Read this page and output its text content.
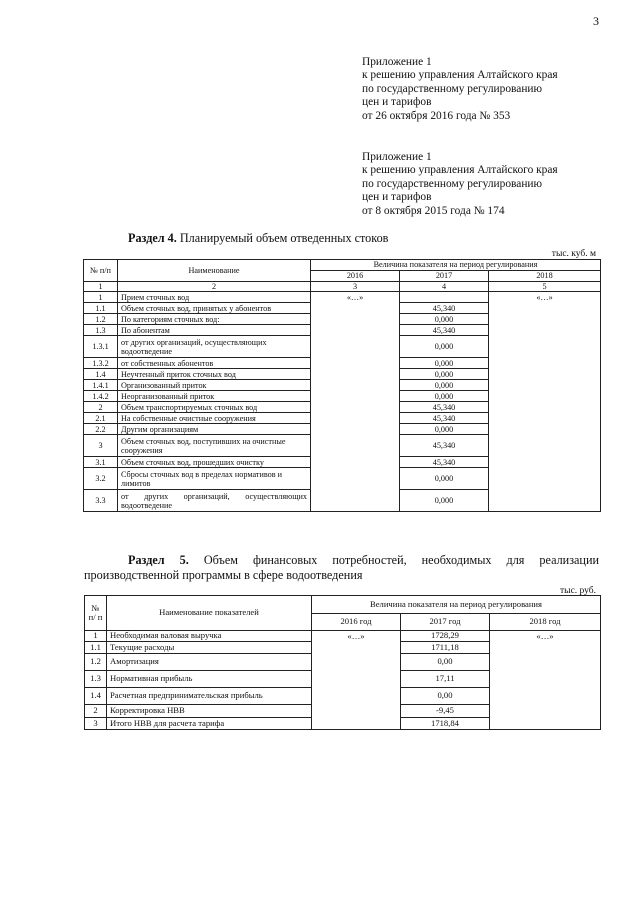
3
Приложение 1
к решению управления Алтайского края
по государственному регулированию
цен и тарифов
от 26 октября 2016 года № 353
Приложение 1
к решению управления Алтайского края
по государственному регулированию
цен и тарифов
от 8 октября 2015 года № 174
Раздел 4. Планируемый объем отведенных стоков
тыс. куб. м
№ п/п	Наименование	Величина показателя на период регулирования		
		2016	2017	2018
1	2	3	4	5
1	Прием сточных вод	«…»		«…»
1.1	Объем сточных вод, принятых у абонентов		45,340	
1.2	По категориям сточных вод:		0,000	
1.3	По абонентам		45,340	
1.3.1	от других организаций, осуществляющих водоотведение		0,000	
1.3.2	от собственных абонентов		0,000	
1.4	Неучтенный приток сточных вод		0,000	
1.4.1	Организованный приток		0,000	
1.4.2	Неорганизованный приток		0,000	
2	Объем транспортируемых сточных вод		45,340	
2.1	На собственные очистные сооружения		45,340	
2.2	Другим организациям		0,000	
3	Объем сточных вод, поступивших на очистные сооружения		45,340	
3.1	Объем сточных вод, прошедших очистку		45,340	
3.2	Сбросы сточных вод в пределах нормативов и лимитов		0,000	
3.3	от других организаций, осуществляющих водоотведение		0,000	
Раздел 5. Объем финансовых потребностей, необходимых для реализации производственной программы в сфере водоотведения
тыс. руб.
№ п/ п	Наименование показателей	Величина показателя на период регулирования		
		2016 год	2017 год	2018 год
1	Необходимая валовая выручка	«…»	1728,29	«…»
1.1	Текущие расходы		1711,18	
1.2	Амортизация		0,00	
1.3	Нормативная прибыль		17,11	
1.4	Расчетная предпринимательская прибыль		0,00	
2	Корректировка НВВ		-9,45	
3	Итого НВВ для расчета тарифа		1718,84	
